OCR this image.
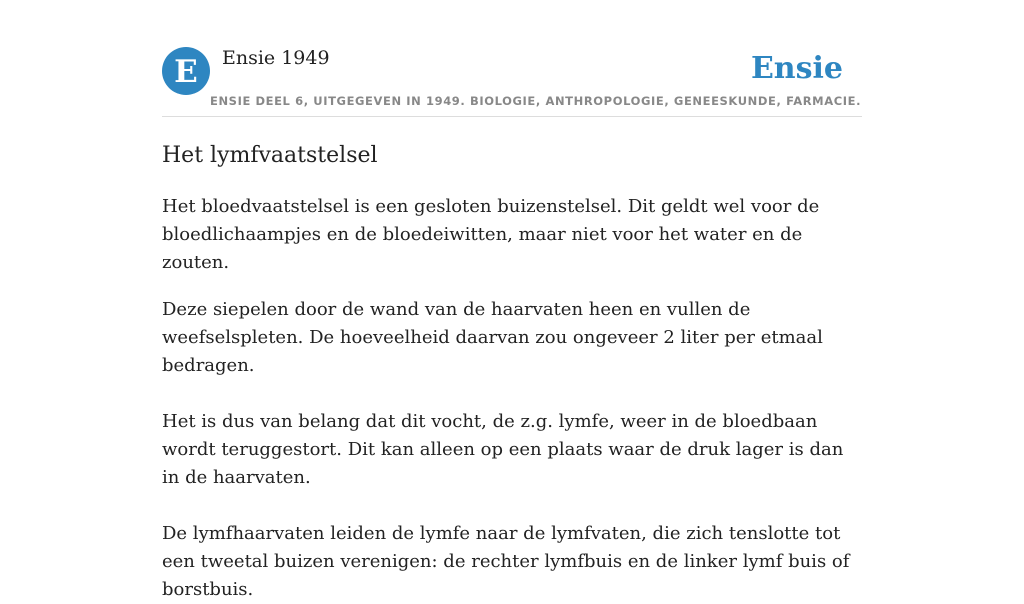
E Ensie 1949	Ensie
ENSIE DEEL 6, UITGEGEVEN IN 1949. BIOLOGIE, ANTHROPOLOGIE, GENEESKUNDE, FARMACIE.
Het lymfvaatstelsel

Het bloedvaatstelsel is een gesloten buizenstelsel. Dit geldt wel voor de bloedlichaampjes en de bloedeiwitten, maar niet voor het water en de zouten.

Deze siepelen door de wand van de haarvaten heen en vullen de weefselspleten. De hoeveelheid daarvan zou ongeveer 2 liter per etmaal bedragen.

Het is dus van belang dat dit vocht, de z.g. lymfe, weer in de bloedbaan wordt teruggestort. Dit kan alleen op een plaats waar de druk lager is dan in de haarvaten.

De lymfhaarvaten leiden de lymfe naar de lymfvaten, die zich tenslotte tot een tweetal buizen verenigen: de rechter lymfbuis en de linker lymf buis of borstbuis.
